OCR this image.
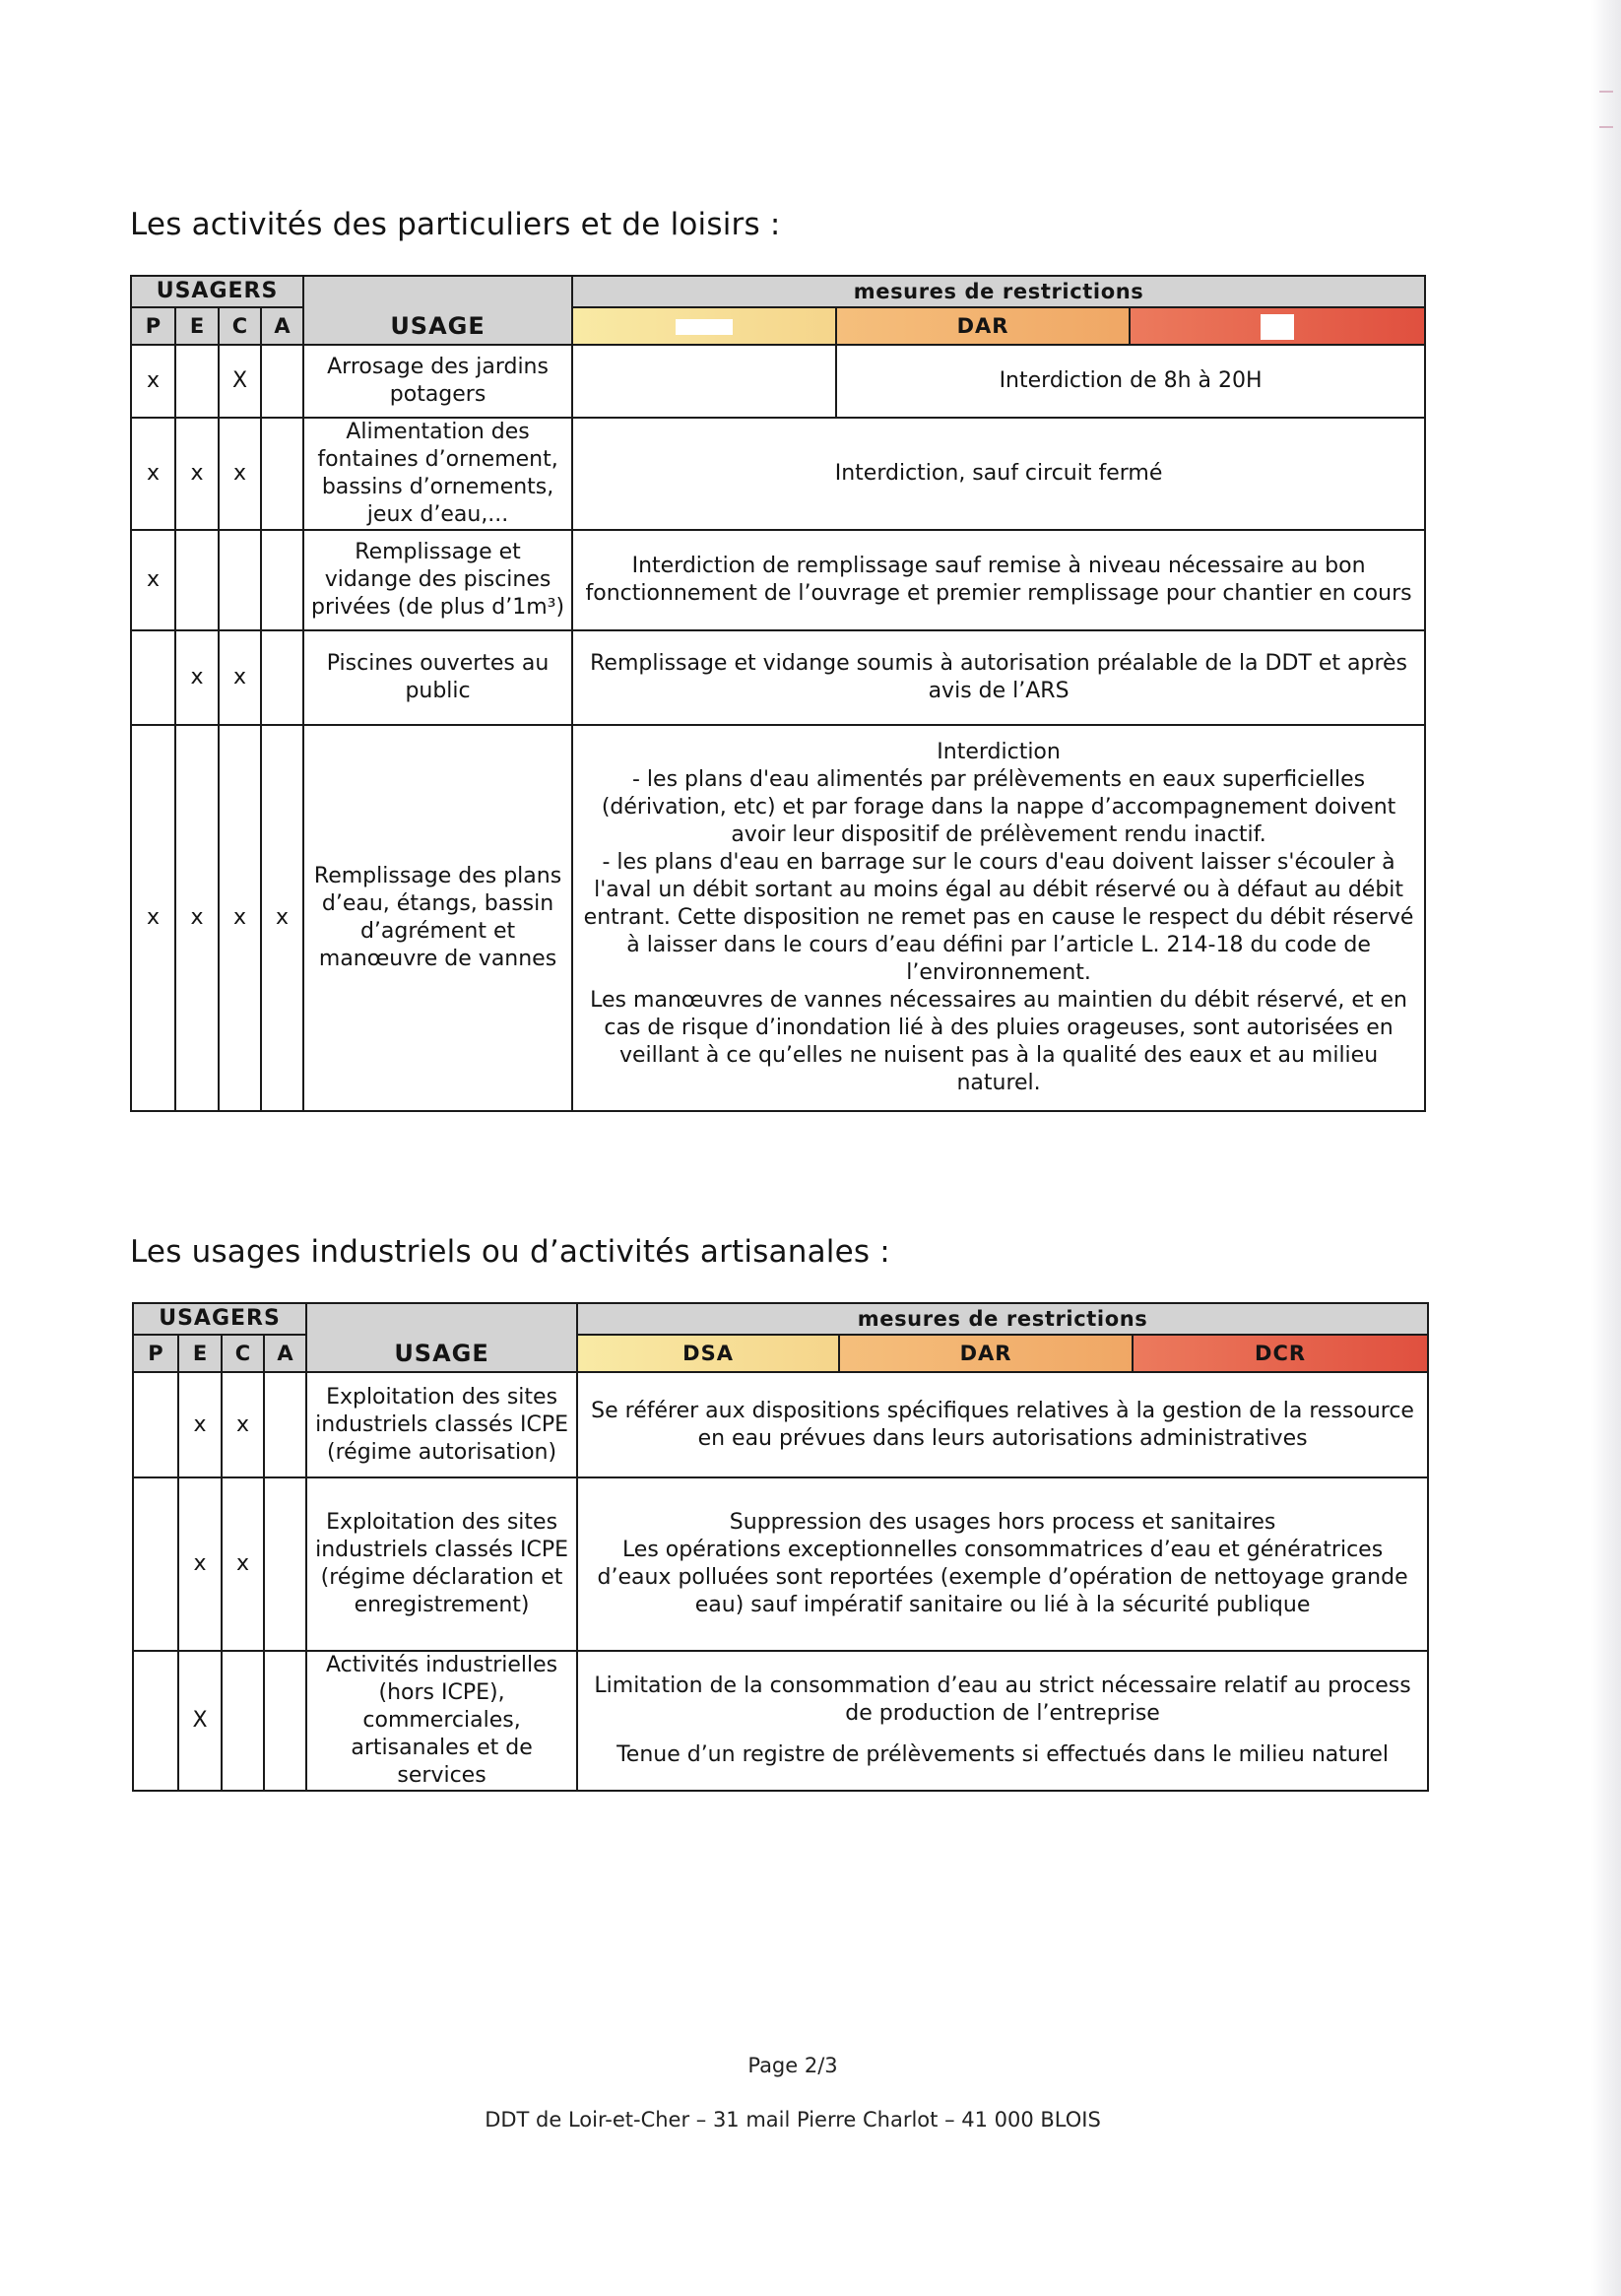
Les activités des particuliers et de loisirs :
USAGERS				USAGE	mesures de restrictions		
P	E	C	A			DAR	
x		X		Arrosage des jardins potagers		Interdiction de 8h à 20H	
x	x	x		Alimentation des fontaines d’ornement, bassins d’ornements, jeux d’eau,...	Interdiction, sauf circuit fermé		
x				Remplissage et vidange des piscines privées (de plus d’1m³)	Interdiction de remplissage sauf remise à niveau nécessaire au bon fonctionnement de l’ouvrage et premier remplissage pour chantier en cours		
	x	x		Piscines ouvertes au public	Remplissage et vidange soumis à autorisation préalable de la DDT et après avis de l’ARS		
x	x	x	x	Remplissage des plans d’eau, étangs, bassin d’agrément et manœuvre de vannes	Interdiction
- les plans d'eau alimentés par prélèvements en eaux superficielles (dérivation, etc) et par forage dans la nappe d’accompagnement doivent avoir leur dispositif de prélèvement rendu inactif.
- les plans d'eau en barrage sur le cours d'eau doivent laisser s'écouler à l'aval un débit sortant au moins égal au débit réservé ou à défaut au débit entrant. Cette disposition ne remet pas en cause le respect du débit réservé à laisser dans le cours d’eau défini par l’article L. 214-18 du code de l’environnement.
Les manœuvres de vannes nécessaires au maintien du débit réservé, et en cas de risque d’inondation lié à des pluies orageuses, sont autorisées en veillant à ce qu’elles ne nuisent pas à la qualité des eaux et au milieu naturel.		
Les usages industriels ou d’activités artisanales :
USAGERS				USAGE	mesures de restrictions		
P	E	C	A		DSA	DAR	DCR
	x	x		Exploitation des sites industriels classés ICPE (régime autorisation)	Se référer aux dispositions spécifiques relatives à la gestion de la ressource en eau prévues dans leurs autorisations administratives		
	x	x		Exploitation des sites industriels classés ICPE (régime déclaration et enregistrement)	Suppression des usages hors process et sanitaires
Les opérations exceptionnelles consommatrices d’eau et génératrices d’eaux polluées sont reportées (exemple d’opération de nettoyage grande eau) sauf impératif sanitaire ou lié à la sécurité publique		

	X			Activités industrielles (hors ICPE), commerciales, artisanales et de services	Limitation de la consommation d’eau au strict nécessaire relatif au process de production de l’entreprise
Tenue d’un registre de prélèvements si effectués dans le milieu naturel		
Page 2/3
DDT de Loir-et-Cher – 31 mail Pierre Charlot – 41 000 BLOIS
